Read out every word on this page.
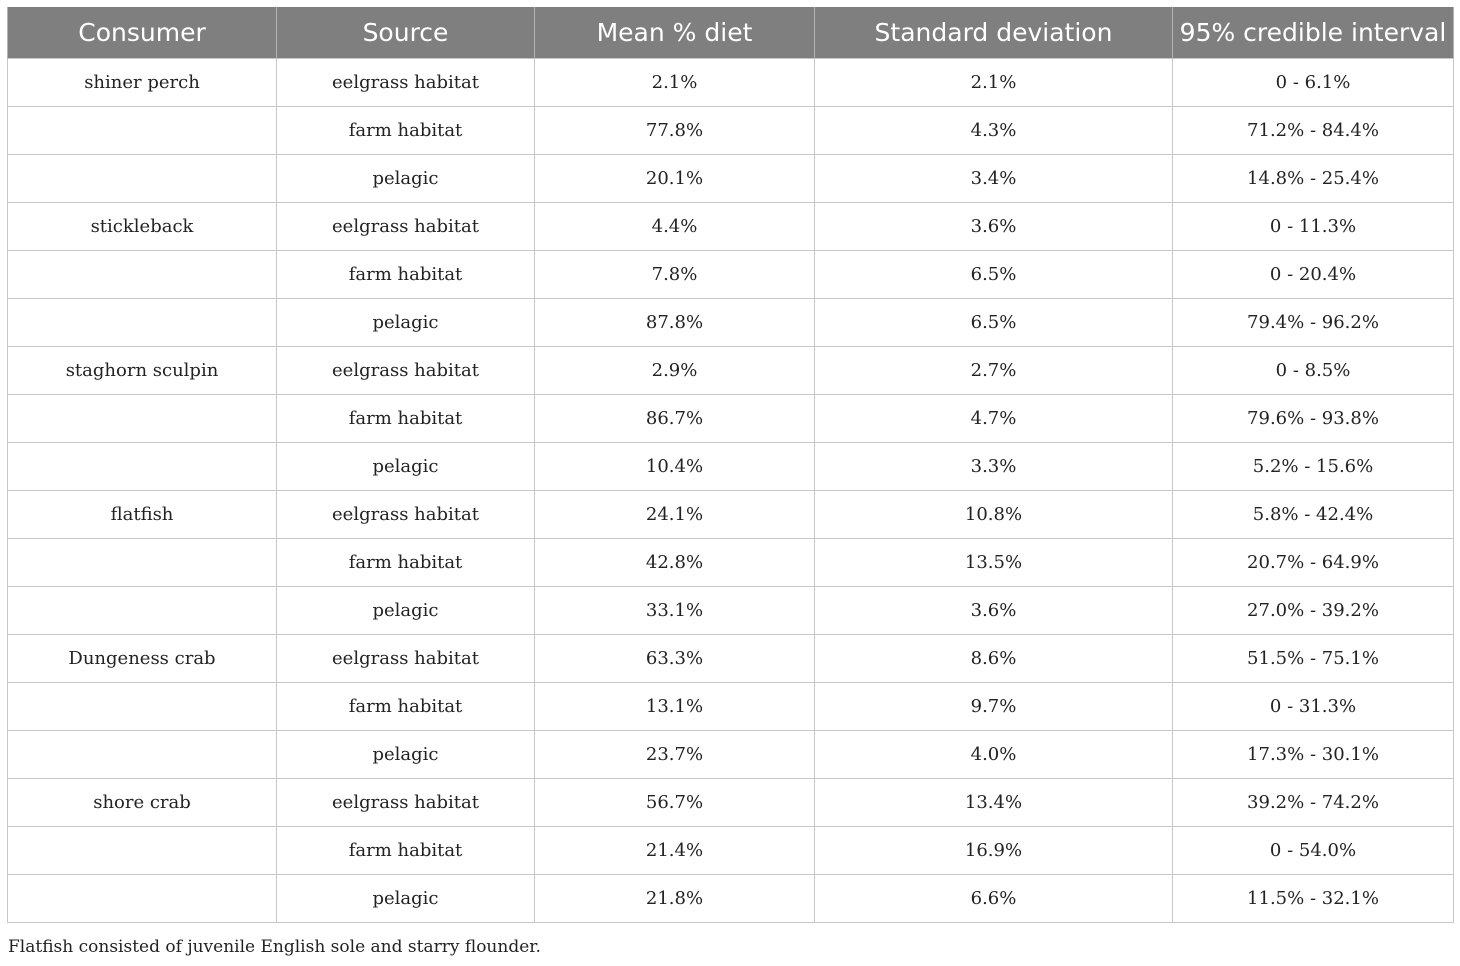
Consumer	Source	Mean % diet	Standard deviation	95% credible interval
shiner perch	eelgrass habitat	2.1%	2.1%	0 - 6.1%
	farm habitat	77.8%	4.3%	71.2% - 84.4%
	pelagic	20.1%	3.4%	14.8% - 25.4%
stickleback	eelgrass habitat	4.4%	3.6%	0 - 11.3%
	farm habitat	7.8%	6.5%	0 - 20.4%
	pelagic	87.8%	6.5%	79.4% - 96.2%
staghorn sculpin	eelgrass habitat	2.9%	2.7%	0 - 8.5%
	farm habitat	86.7%	4.7%	79.6% - 93.8%
	pelagic	10.4%	3.3%	5.2% - 15.6%
flatfish	eelgrass habitat	24.1%	10.8%	5.8% - 42.4%
	farm habitat	42.8%	13.5%	20.7% - 64.9%
	pelagic	33.1%	3.6%	27.0% - 39.2%
Dungeness crab	eelgrass habitat	63.3%	8.6%	51.5% - 75.1%
	farm habitat	13.1%	9.7%	0 - 31.3%
	pelagic	23.7%	4.0%	17.3% - 30.1%
shore crab	eelgrass habitat	56.7%	13.4%	39.2% - 74.2%
	farm habitat	21.4%	16.9%	0 - 54.0%
	pelagic	21.8%	6.6%	11.5% - 32.1%
Flatfish consisted of juvenile English sole and starry flounder.
